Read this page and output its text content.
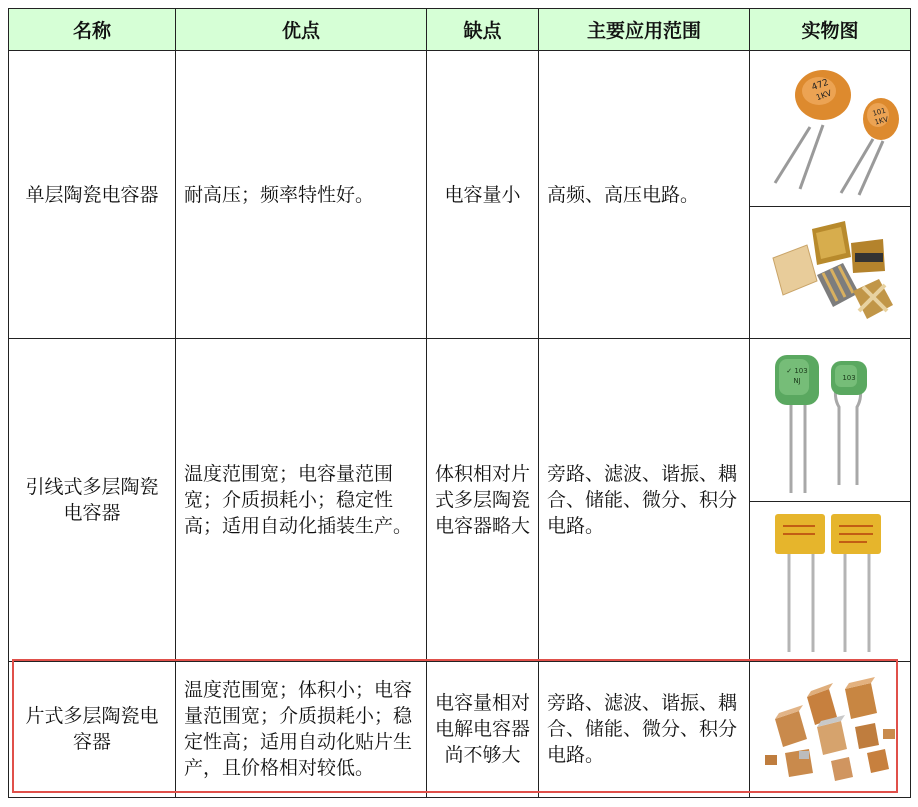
名称	优点	缺点	主要应用范围	实物图
单层陶瓷电容器	耐高压；频率特性好。	电容量小	高频、高压电路。	472
1KV
101
1KV

引线式多层陶瓷电容器	温度范围宽；电容量范围宽；介质损耗小；稳定性高；适用自动化插装生产。	体积相对片式多层陶瓷电容器略大	旁路、滤波、谐振、耦合、储能、微分、积分电路。	✓ 103
NJ 103

片式多层陶瓷电容器	温度范围宽；体积小；电容量范围宽；介质损耗小；稳定性高；适用自动化贴片生产，且价格相对较低。	电容量相对电解电容器尚不够大	旁路、滤波、谐振、耦合、储能、微分、积分电路。	
